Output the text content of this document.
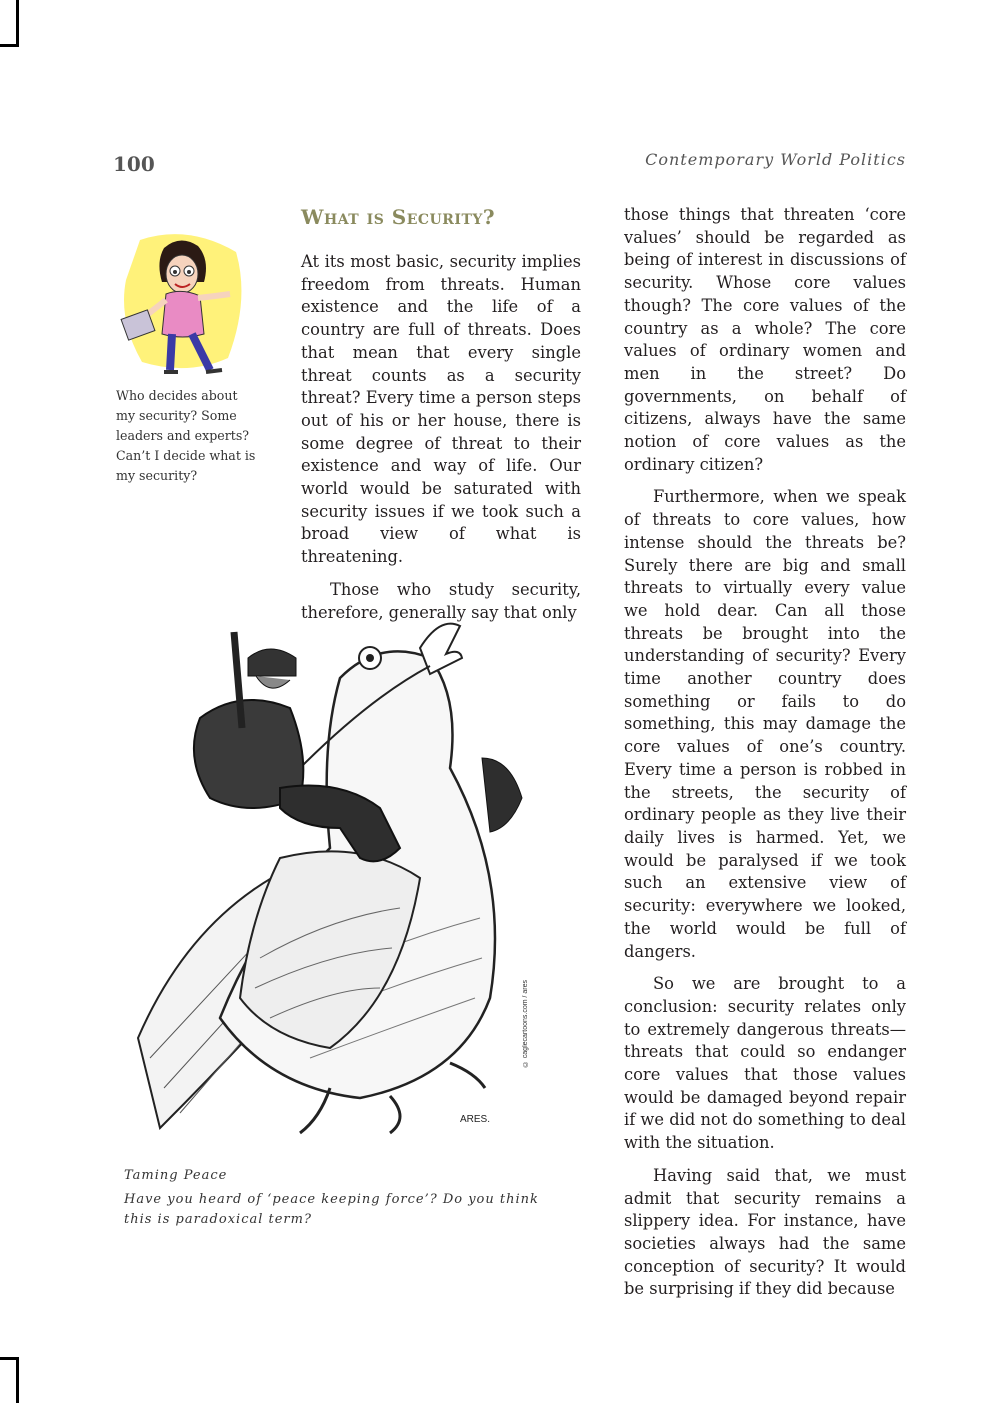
100	Contemporary World Politics
What is Security?
Who decides about my security? Some leaders and experts? Can’t I decide what is my security?

At its most basic, security implies freedom from threats. Human existence and the life of a country are full of threats. Does that mean that every single threat counts as a security threat? Every time a person steps out of his or her house, there is some degree of threat to their existence and way of life. Our world would be saturated with security issues if we took such a broad view of what is threatening.

Those who study security, therefore, generally say that only

those things that threaten ‘core values’ should be regarded as being of interest in discussions of security. Whose core values though? The core values of the country as a whole? The core values of ordinary women and men in the street? Do governments, on behalf of citizens, always have the same notion of core values as the ordinary citizen?

Furthermore, when we speak of threats to core values, how intense should the threats be? Surely there are big and small threats to virtually every value we hold dear. Can all those threats be brought into the understanding of security? Every time another country does something or fails to do something, this may damage the core values of one’s country. Every time a person is robbed in the streets, the security of ordinary people as they live their daily lives is harmed. Yet, we would be paralysed if we took such an extensive view of security: everywhere we looked, the world would be full of dangers.

So we are brought to a conclusion: security relates only to extremely dangerous threats—threats that could so endanger core values that those values would be damaged beyond repair if we did not do something to deal with the situation.

Having said that, we must admit that security remains a slippery idea. For instance, have societies always had the same conception of security? It would be surprising if they did because

ARES.
© caglecartoons.com / ares
Taming Peace
Have you heard of ‘peace keeping force’? Do you think this is paradoxical term?
